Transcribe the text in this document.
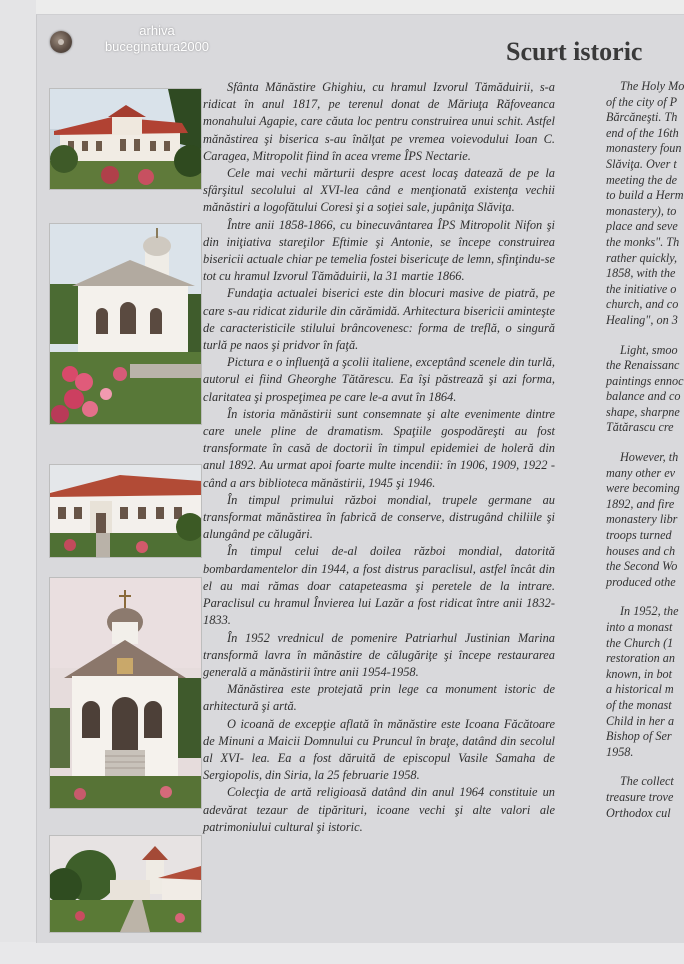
arhiva
buceginatura2000	Scurt istoric

Sfânta Mănăstire Ghighiu, cu hramul Izvorul Tămăduirii, s-a ridicat în anul 1817, pe terenul donat de Măriuţa Răfoveanca monahului Agapie, care căuta loc pentru construirea unui schit. Astfel mănăstirea şi biserica s-au înălţat pe vremea voievodului Ioan C. Caragea, Mitropolit fiind în acea vreme ÎPS Nectarie.

Cele mai vechi mărturii despre acest locaş datează de pe la sfârşitul secolului al XVI-lea când e menţionată existenţa vechii mănăstiri a logofătului Coresi şi a soţiei sale, jupâniţa Slăviţa.

Între anii 1858-1866, cu binecuvântarea ÎPS Mitropolit Nifon şi din iniţiativa stareţilor Eftimie şi Antonie, se începe construirea bisericii actuale chiar pe temelia fostei bisericuţe de lemn, sfinţindu-se tot cu hramul Izvorul Tămăduirii, la 31 martie 1866.

Fundaţia actualei biserici este din blocuri masive de piatră, pe care s-au ridicat zidurile din cărămidă. Arhitectura bisericii aminteşte de caracteristicile stilului brâncovenesc: forma de treflă, o singură turlă pe naos şi pridvor în faţă.

Pictura e o influenţă a şcolii italiene, exceptând scenele din turlă, autorul ei fiind Gheorghe Tătărescu. Ea îşi păstrează şi azi forma, claritatea şi prospeţimea pe care le-a avut în 1864.

În istoria mănăstirii sunt consemnate şi alte evenimente dintre care unele pline de dramatism. Spaţiile gospodăreşti au fost transformate în casă de doctorii în timpul epidemiei de holeră din anul 1892. Au urmat apoi foarte multe incendii: în 1906, 1909, 1922 - când a ars biblioteca mănăstirii, 1945 şi 1946.

În timpul primului război mondial, trupele germane au transformat mănăstirea în fabrică de conserve, distrugând chiliile şi alungând pe călugări.

În timpul celui de-al doilea război mondial, datorită bombardamentelor din 1944, a fost distrus paraclisul, astfel încât din el au mai rămas doar catapeteasma şi peretele de la intrare. Paraclisul cu hramul Învierea lui Lazăr a fost ridicat între anii 1832-1833.

În 1952 vrednicul de pomenire Patriarhul Justinian Marina transformă lavra în mănăstire de călugăriţe şi începe restaurarea generală a mănăstirii între anii 1954-1958.

Mănăstirea este protejată prin lege ca monument istoric de arhitectură şi artă.

O icoană de excepţie aflată în mănăstire este Icoana Făcătoare de Minuni a Maicii Domnului cu Pruncul în braţe, datând din secolul al XVI- lea. Ea a fost dăruită de episcopul Vasile Samaha de Sergiopolis, din Siria, la 25 februarie 1958.

Colecţia de artă religioasă datând din anul 1964 constituie un adevărat tezaur de tipărituri, icoane vechi şi alte valori ale patrimoniului cultural şi istoric.

The Holy Mo
of the city of P
Bărcăneşti. Th
end of the 16th
monastery foun
Slăviţa. Over t
meeting the de
to build a Herm
monastery), to
place and seve
the monks". Th
rather quickly,
1858, with the
the initiative o
church, and co
Healing", on 3

Light, smoo
the Renaissanc
paintings ennoc
balance and co
shape, sharpne
Tătărascu cre

However, th
many other ev
were becoming
1892, and fire
monastery libr
troops turned
houses and ch
the Second Wo
produced othe

In 1952, the
into a monast
the Church (1
restoration an
known, in bot
a historical m
of the monast
Child in her a
Bishop of Ser
1958.

The collect
treasure trove
Orthodox cul
